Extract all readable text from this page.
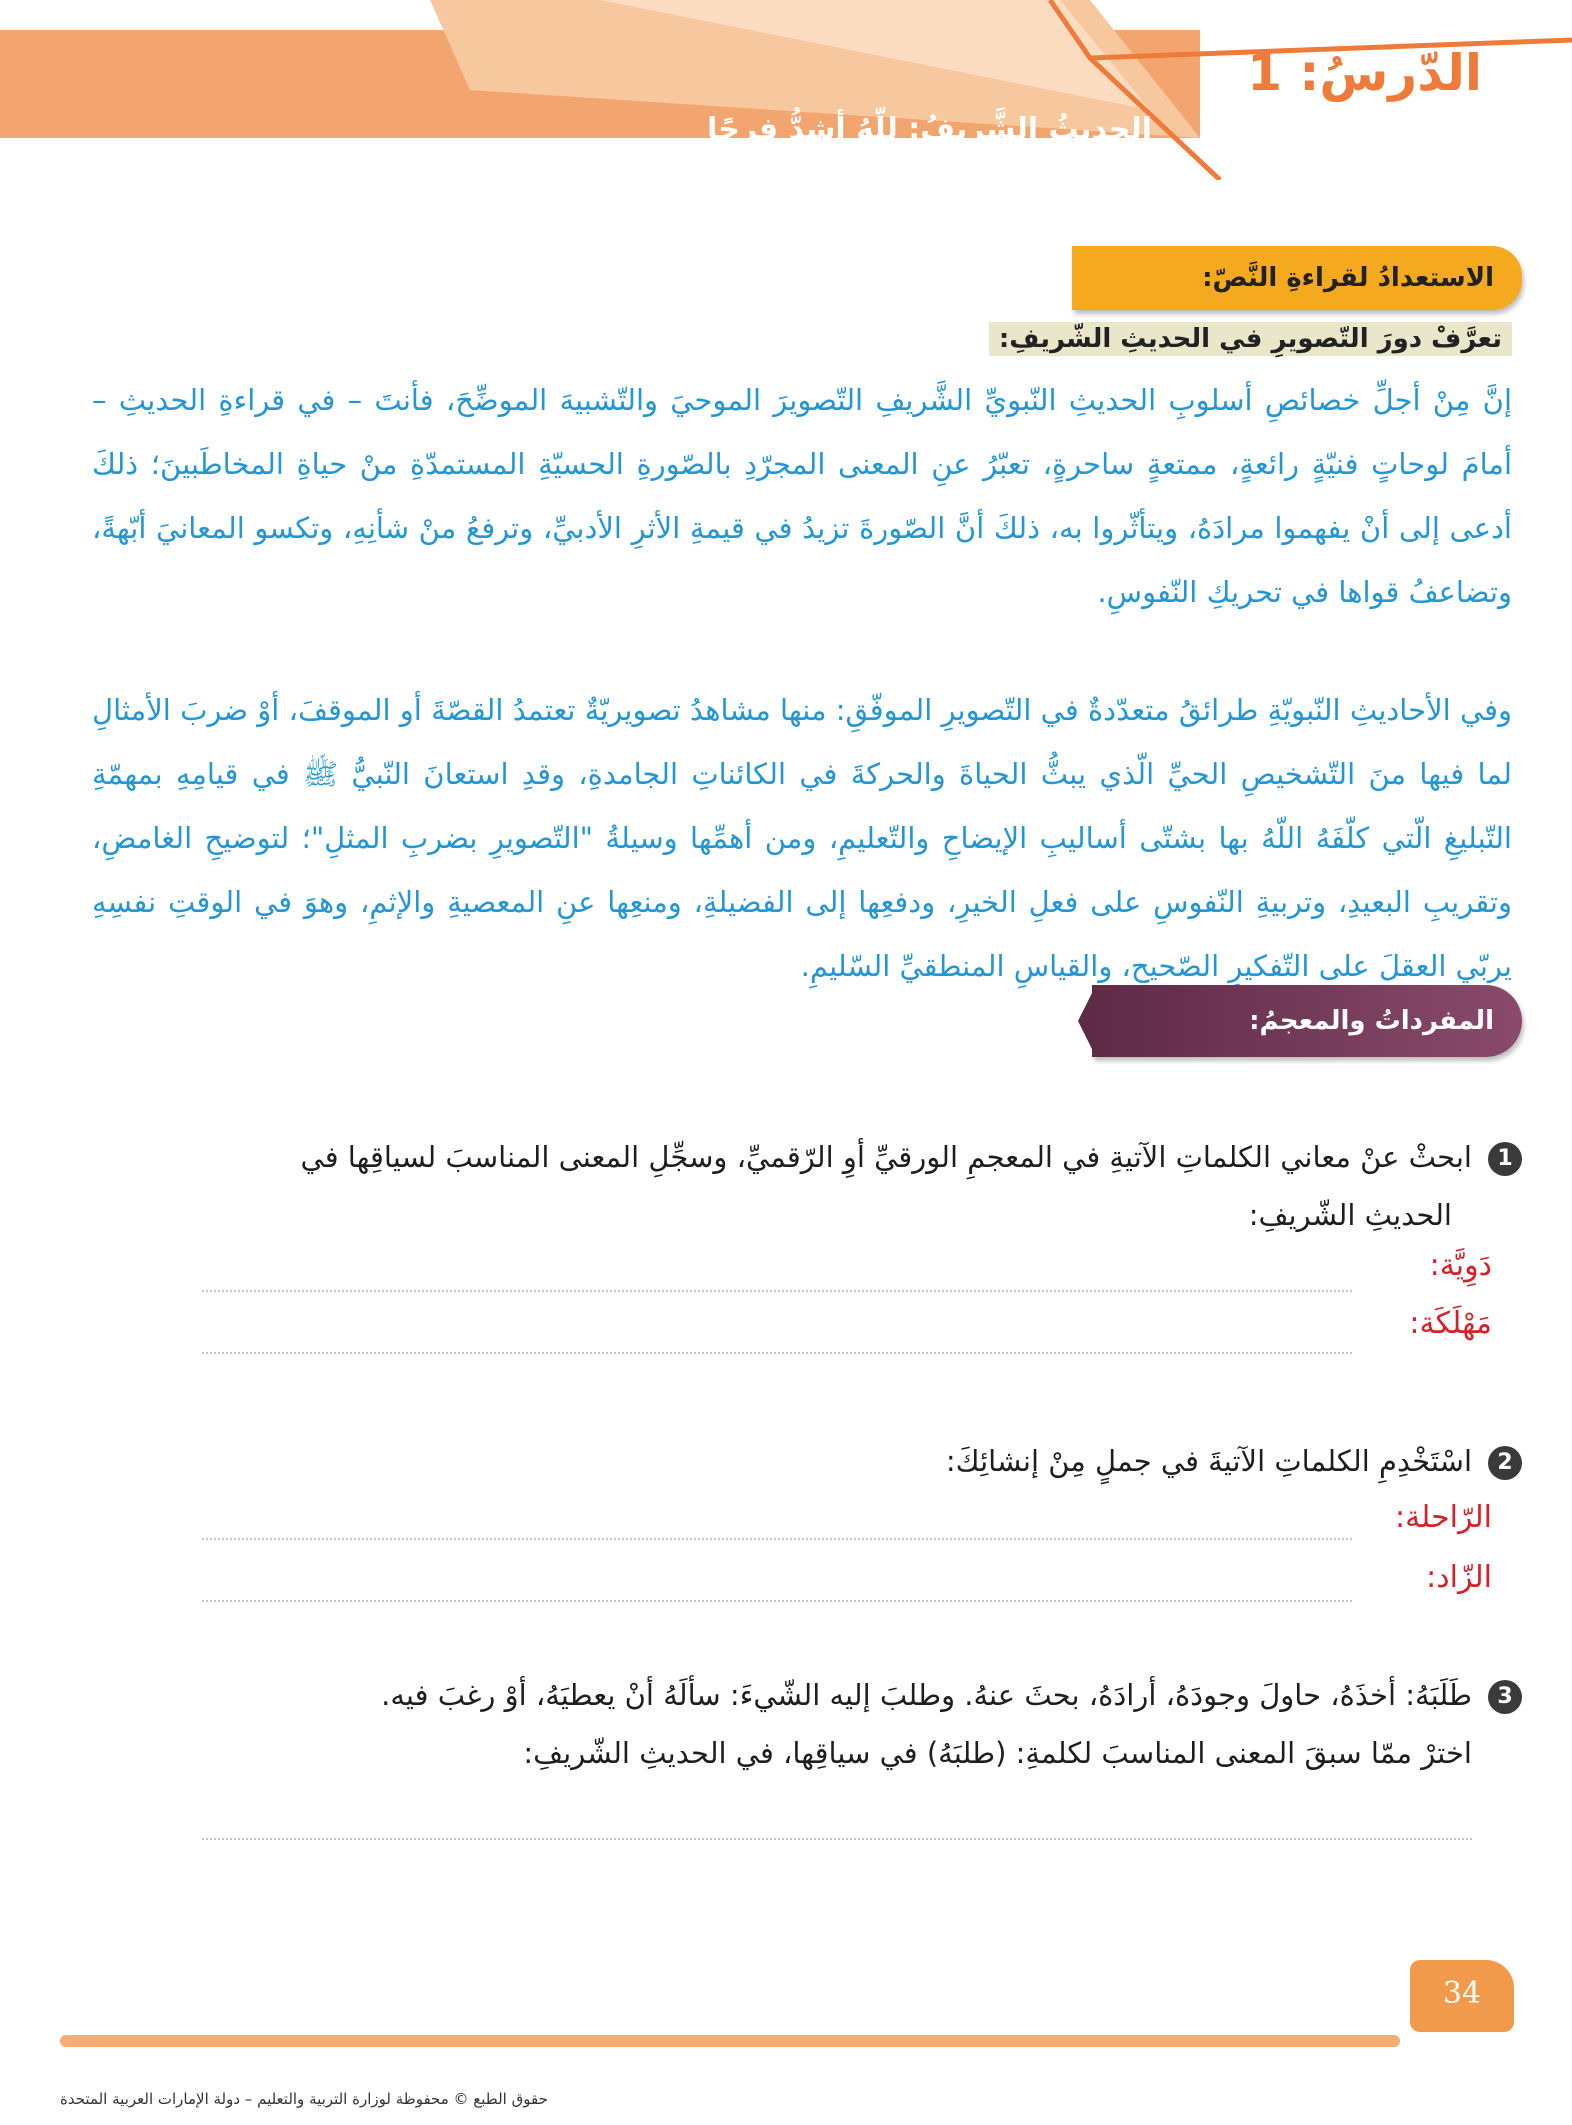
الدّرسُ: 1
الحديثُ الشَّريفُ: للّهُ أشدُّ فرحًا
الاستعدادُ لقراءةِ النَّصّ:
تعرَّفْ دورَ التّصويرِ في الحديثِ الشّريفِ:

إنَّ مِنْ أجلِّ خصائصِ أسلوبِ الحديثِ النّبويِّ الشَّريفِ التّصويرَ الموحيَ والتّشبيهَ الموضِّحَ، فأنتَ – في قراءةِ الحديثِ – أمامَ لوحاتٍ فنيّةٍ رائعةٍ، ممتعةٍ ساحرةٍ، تعبّرُ عنِ المعنى المجرّدِ بالصّورةِ الحسيّةِ المستمدّةِ منْ حياةِ المخاطَبينَ؛ ذلكَ أدعى إلى أنْ يفهموا مرادَهُ، ويتأثّروا به، ذلكَ أنَّ الصّورةَ تزيدُ في قيمةِ الأثرِ الأدبيِّ، وترفعُ منْ شأنِهِ، وتكسو المعانيَ أبّهةً، وتضاعفُ قواها في تحريكِ النّفوسِ.

وفي الأحاديثِ النّبويّةِ طرائقُ متعدّدةٌ في التّصويرِ الموفّقِ: منها مشاهدُ تصويريّةٌ تعتمدُ القصّةَ أو الموقفَ، أوْ ضربَ الأمثالِ لما فيها منَ التّشخيصِ الحيِّ الّذي يبثُّ الحياةَ والحركةَ في الكائناتِ الجامدةِ، وقدِ استعانَ النّبيُّ ﷺ في قيامِهِ بمهمّةِ التّبليغِ الّتي كلّفَهُ اللّهُ بها بشتّى أساليبِ الإيضاحِ والتّعليمِ، ومن أهمِّها وسيلةُ "التّصويرِ بضربِ المثلِ"؛ لتوضيحِ الغامضِ، وتقريبِ البعيدِ، وتربيةِ النّفوسِ على فعلِ الخيرِ، ودفعِها إلى الفضيلةِ، ومنعِها عنِ المعصيةِ والإثمِ، وهوَ في الوقتِ نفسِهِ يربّي العقلَ على التّفكيرِ الصّحيحِ، والقياسِ المنطقيِّ السّليمِ.

المفرداتُ والمعجمُ:
1ابحثْ عنْ معاني الكلماتِ الآتيةِ في المعجمِ الورقيِّ أوِ الرّقميِّ، وسجِّلِ المعنى المناسبَ لسياقِها في
الحديثِ الشّريفِ:
دَوِيَّة:
مَهْلَكَة:
2اسْتَخْدِمِ الكلماتِ الآتيةَ في جملٍ مِنْ إنشائِكَ:
الرّاحلة:
الزّاد:
3طَلَبَهُ: أخذَهُ، حاولَ وجودَهُ، أرادَهُ، بحثَ عنهُ. وطلبَ إليه الشّيءَ: سألَهُ أنْ يعطيَهُ، أوْ رغبَ فيه.
اخترْ ممّا سبقَ المعنى المناسبَ لكلمةِ: (طلبَهُ) في سياقِها، في الحديثِ الشّريفِ:
34
حقوق الطبع © محفوظة لوزارة التربية والتعليم – دولة الإمارات العربية المتحدة
